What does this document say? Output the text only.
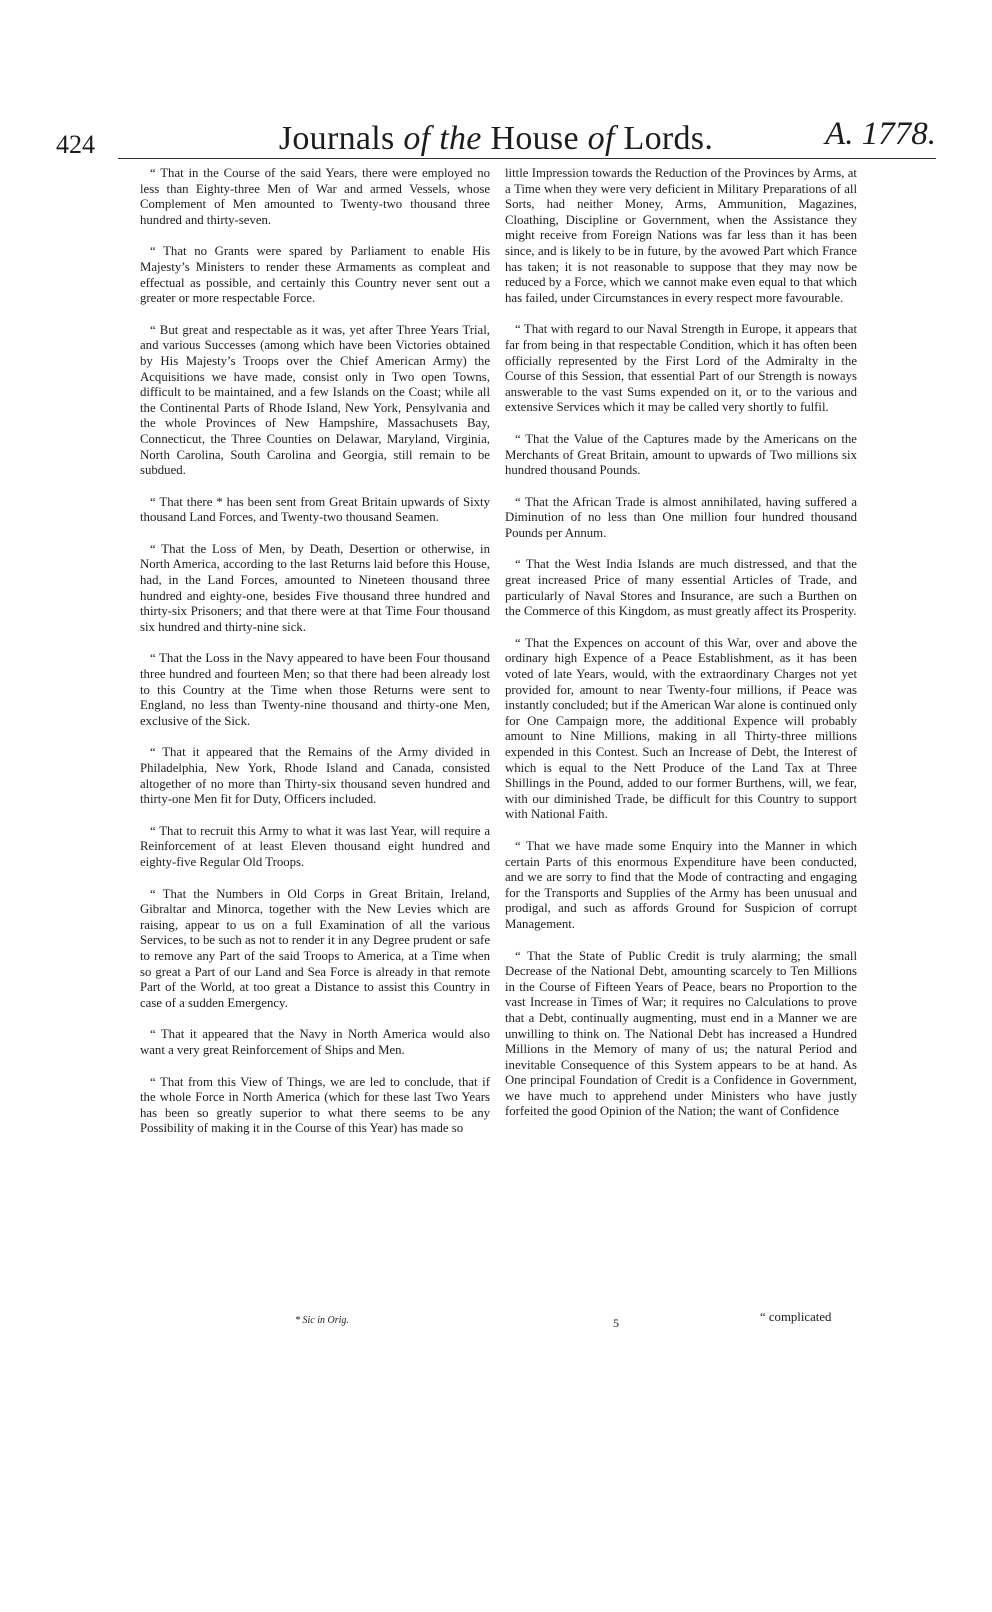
424	Journals of the House of Lords.	A. 1778.

“ That in the Course of the said Years, there were employed no less than Eighty-three Men of War and armed Vessels, whose Complement of Men amounted to Twenty-two thousand three hundred and thirty-seven.

“ That no Grants were spared by Parliament to enable His Majesty’s Ministers to render these Armaments as compleat and effectual as possible, and certainly this Country never sent out a greater or more respectable Force.

“ But great and respectable as it was, yet after Three Years Trial, and various Successes (among which have been Victories obtained by His Majesty’s Troops over the Chief American Army) the Acquisitions we have made, consist only in Two open Towns, difficult to be maintained, and a few Islands on the Coast; while all the Continental Parts of Rhode Island, New York, Pensylvania and the whole Provinces of New Hampshire, Massachusets Bay, Connecticut, the Three Counties on Delawar, Maryland, Virginia, North Carolina, South Carolina and Georgia, still remain to be subdued.

“ That there * has been sent from Great Britain upwards of Sixty thousand Land Forces, and Twenty-two thousand Seamen.

“ That the Loss of Men, by Death, Desertion or otherwise, in North America, according to the last Returns laid before this House, had, in the Land Forces, amounted to Nineteen thousand three hundred and eighty-one, besides Five thousand three hundred and thirty-six Prisoners; and that there were at that Time Four thousand six hundred and thirty-nine sick.

“ That the Loss in the Navy appeared to have been Four thousand three hundred and fourteen Men; so that there had been already lost to this Country at the Time when those Returns were sent to England, no less than Twenty-nine thousand and thirty-one Men, exclusive of the Sick.

“ That it appeared that the Remains of the Army divided in Philadelphia, New York, Rhode Island and Canada, consisted altogether of no more than Thirty-six thousand seven hundred and thirty-one Men fit for Duty, Officers included.

“ That to recruit this Army to what it was last Year, will require a Reinforcement of at least Eleven thousand eight hundred and eighty-five Regular Old Troops.

“ That the Numbers in Old Corps in Great Britain, Ireland, Gibraltar and Minorca, together with the New Levies which are raising, appear to us on a full Examination of all the various Services, to be such as not to render it in any Degree prudent or safe to remove any Part of the said Troops to America, at a Time when so great a Part of our Land and Sea Force is already in that remote Part of the World, at too great a Distance to assist this Country in case of a sudden Emergency.

“ That it appeared that the Navy in North America would also want a very great Reinforcement of Ships and Men.

“ That from this View of Things, we are led to conclude, that if the whole Force in North America (which for these last Two Years has been so greatly superior to what there seems to be any Possibility of making it in the Course of this Year) has made so

little Impression towards the Reduction of the Provinces by Arms, at a Time when they were very deficient in Military Preparations of all Sorts, had neither Money, Arms, Ammunition, Magazines, Cloathing, Discipline or Government, when the Assistance they might receive from Foreign Nations was far less than it has been since, and is likely to be in future, by the avowed Part which France has taken; it is not reasonable to suppose that they may now be reduced by a Force, which we cannot make even equal to that which has failed, under Circumstances in every respect more favourable.

“ That with regard to our Naval Strength in Europe, it appears that far from being in that respectable Condition, which it has often been officially represented by the First Lord of the Admiralty in the Course of this Session, that essential Part of our Strength is noways answerable to the vast Sums expended on it, or to the various and extensive Services which it may be called very shortly to fulfil.

“ That the Value of the Captures made by the Americans on the Merchants of Great Britain, amount to upwards of Two millions six hundred thousand Pounds.

“ That the African Trade is almost annihilated, having suffered a Diminution of no less than One million four hundred thousand Pounds per Annum.

“ That the West India Islands are much distressed, and that the great increased Price of many essential Articles of Trade, and particularly of Naval Stores and Insurance, are such a Burthen on the Commerce of this Kingdom, as must greatly affect its Prosperity.

“ That the Expences on account of this War, over and above the ordinary high Expence of a Peace Establishment, as it has been voted of late Years, would, with the extraordinary Charges not yet provided for, amount to near Twenty-four millions, if Peace was instantly concluded; but if the American War alone is continued only for One Campaign more, the additional Expence will probably amount to Nine Millions, making in all Thirty-three millions expended in this Contest. Such an Increase of Debt, the Interest of which is equal to the Nett Produce of the Land Tax at Three Shillings in the Pound, added to our former Burthens, will, we fear, with our diminished Trade, be difficult for this Country to support with National Faith.

“ That we have made some Enquiry into the Manner in which certain Parts of this enormous Expenditure have been conducted, and we are sorry to find that the Mode of contracting and engaging for the Transports and Supplies of the Army has been unusual and prodigal, and such as affords Ground for Suspicion of corrupt Management.

“ That the State of Public Credit is truly alarming; the small Decrease of the National Debt, amounting scarcely to Ten Millions in the Course of Fifteen Years of Peace, bears no Proportion to the vast Increase in Times of War; it requires no Calculations to prove that a Debt, continually augmenting, must end in a Manner we are unwilling to think on. The National Debt has increased a Hundred Millions in the Memory of many of us; the natural Period and inevitable Consequence of this System appears to be at hand. As One principal Foundation of Credit is a Confidence in Government, we have much to apprehend under Ministers who have justly forfeited the good Opinion of the Nation; the want of Confidence

* Sic in Orig.	5	“ complicated
